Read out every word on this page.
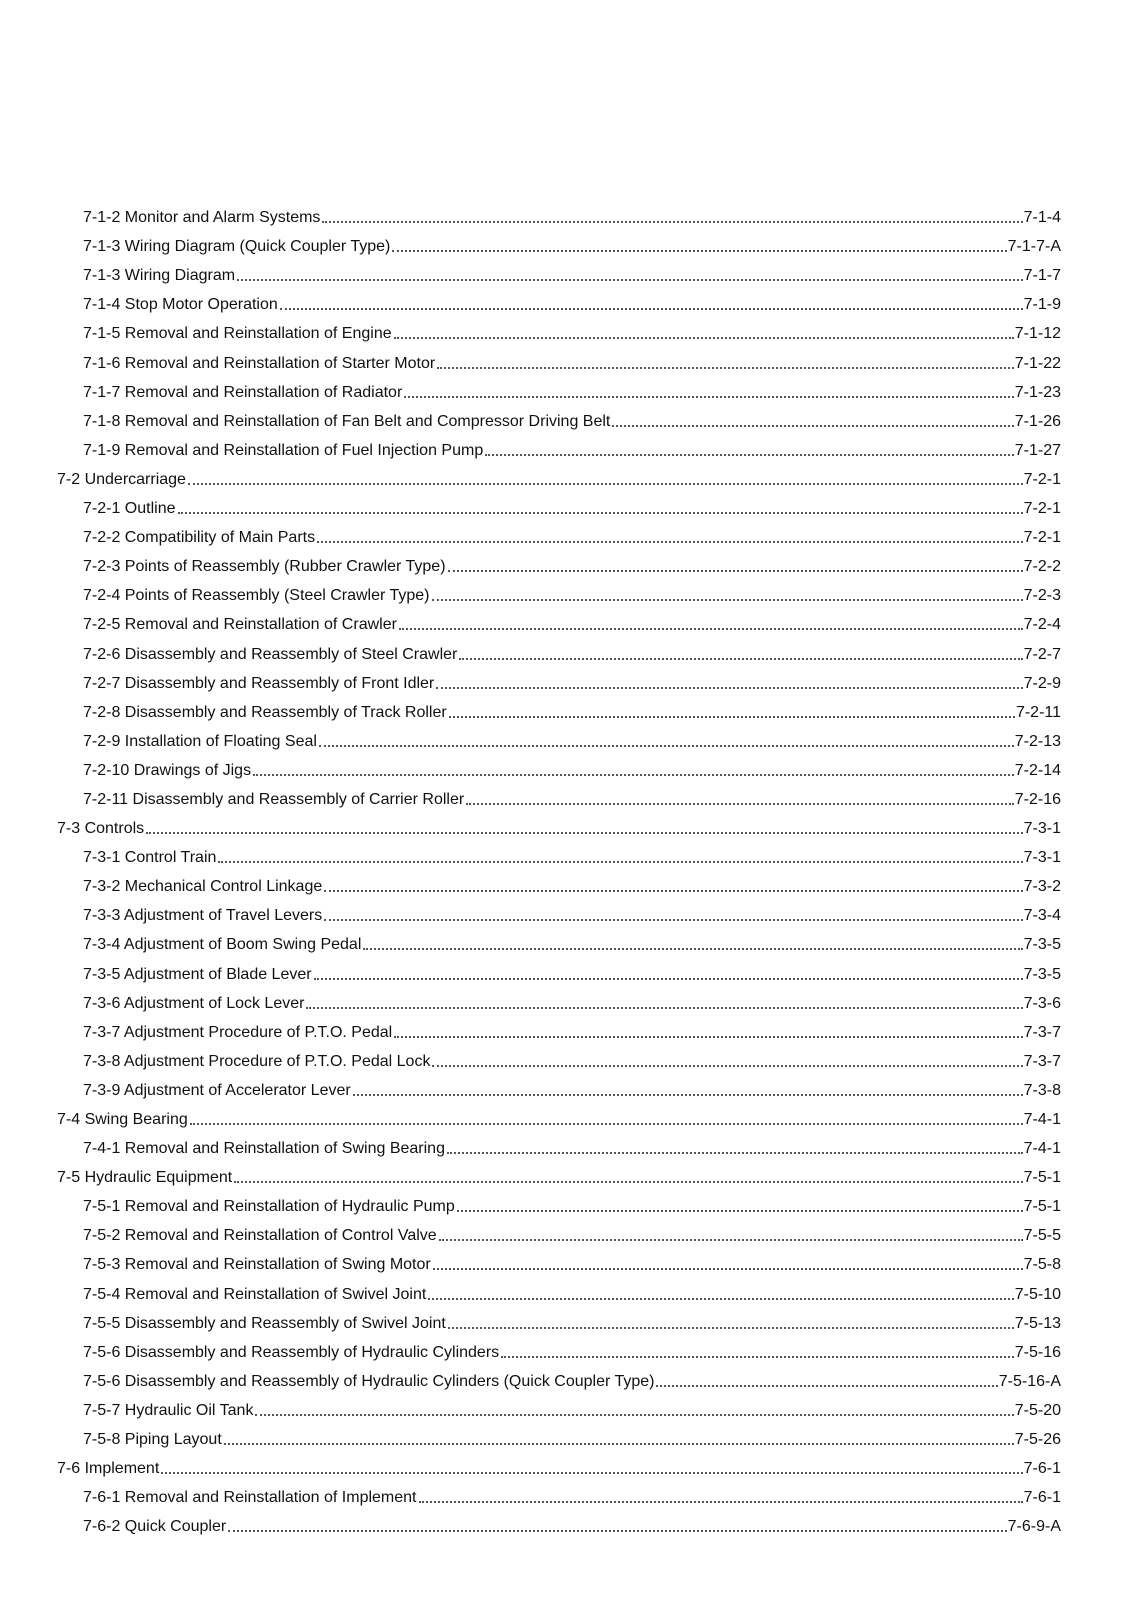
7-1-2 Monitor and Alarm Systems	7-1-4
7-1-3 Wiring Diagram (Quick Coupler Type)	7-1-7-A
7-1-3 Wiring Diagram	7-1-7
7-1-4 Stop Motor Operation	7-1-9
7-1-5 Removal and Reinstallation of Engine	7-1-12
7-1-6 Removal and Reinstallation of Starter Motor	7-1-22
7-1-7 Removal and Reinstallation of Radiator	7-1-23
7-1-8 Removal and Reinstallation of Fan Belt and Compressor Driving Belt	7-1-26
7-1-9 Removal and Reinstallation of Fuel Injection Pump	7-1-27
7-2 Undercarriage	7-2-1
7-2-1 Outline	7-2-1
7-2-2 Compatibility of Main Parts	7-2-1
7-2-3 Points of Reassembly (Rubber Crawler Type)	7-2-2
7-2-4 Points of Reassembly (Steel Crawler Type)	7-2-3
7-2-5 Removal and Reinstallation of Crawler	7-2-4
7-2-6 Disassembly and Reassembly of Steel Crawler	7-2-7
7-2-7 Disassembly and Reassembly of Front Idler	7-2-9
7-2-8 Disassembly and Reassembly of Track Roller	7-2-11
7-2-9 Installation of Floating Seal	7-2-13
7-2-10 Drawings of Jigs	7-2-14
7-2-11 Disassembly and Reassembly of Carrier Roller	7-2-16
7-3 Controls	7-3-1
7-3-1 Control Train	7-3-1
7-3-2 Mechanical Control Linkage	7-3-2
7-3-3 Adjustment of Travel Levers	7-3-4
7-3-4 Adjustment of Boom Swing Pedal	7-3-5
7-3-5 Adjustment of Blade Lever	7-3-5
7-3-6 Adjustment of Lock Lever	7-3-6
7-3-7 Adjustment Procedure of P.T.O. Pedal	7-3-7
7-3-8 Adjustment Procedure of P.T.O. Pedal Lock	7-3-7
7-3-9 Adjustment of Accelerator Lever	7-3-8
7-4 Swing Bearing	7-4-1
7-4-1 Removal and Reinstallation of Swing Bearing	7-4-1
7-5 Hydraulic Equipment	7-5-1
7-5-1 Removal and Reinstallation of Hydraulic Pump	7-5-1
7-5-2 Removal and Reinstallation of Control Valve	7-5-5
7-5-3 Removal and Reinstallation of Swing Motor	7-5-8
7-5-4 Removal and Reinstallation of Swivel Joint	7-5-10
7-5-5 Disassembly and Reassembly of Swivel Joint	7-5-13
7-5-6 Disassembly and Reassembly of Hydraulic Cylinders	7-5-16
7-5-6 Disassembly and Reassembly of Hydraulic Cylinders (Quick Coupler Type)	7-5-16-A
7-5-7 Hydraulic Oil Tank	7-5-20
7-5-8 Piping Layout	7-5-26
7-6 Implement	7-6-1
7-6-1 Removal and Reinstallation of Implement	7-6-1
7-6-2 Quick Coupler	7-6-9-A
